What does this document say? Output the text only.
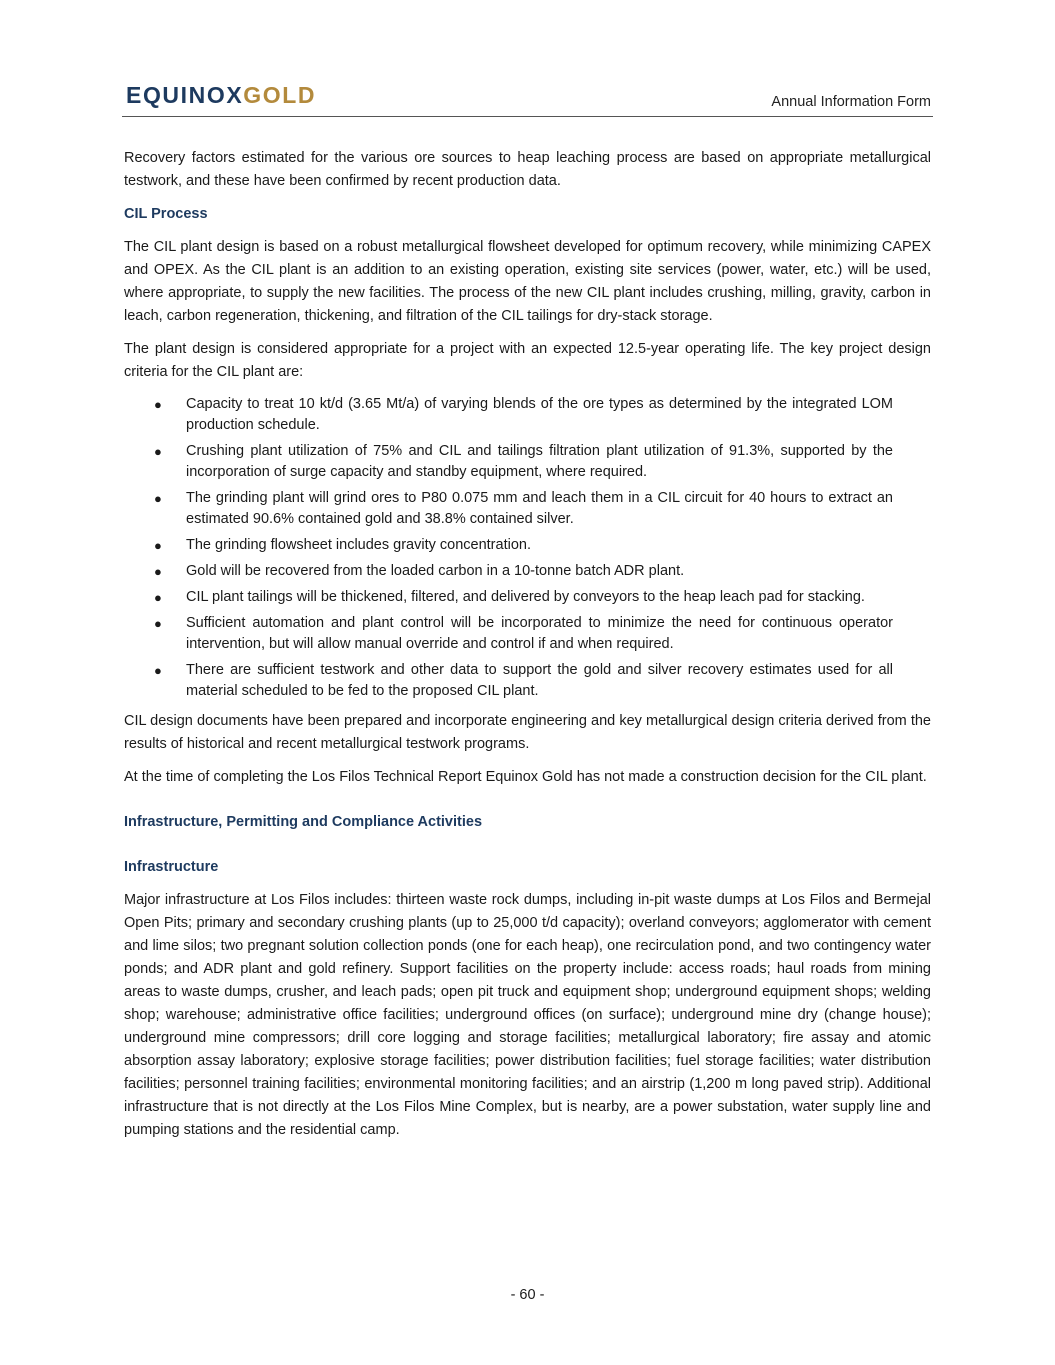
EQUINOXGOLD	Annual Information Form

Recovery factors estimated for the various ore sources to heap leaching process are based on appropriate metallurgical testwork, and these have been confirmed by recent production data.

CIL Process

The CIL plant design is based on a robust metallurgical flowsheet developed for optimum recovery, while minimizing CAPEX and OPEX. As the CIL plant is an addition to an existing operation, existing site services (power, water, etc.) will be used, where appropriate, to supply the new facilities. The process of the new CIL plant includes crushing, milling, gravity, carbon in leach, carbon regeneration, thickening, and filtration of the CIL tailings for dry-stack storage.

The plant design is considered appropriate for a project with an expected 12.5-year operating life. The key project design criteria for the CIL plant are:

● Capacity to treat 10 kt/d (3.65 Mt/a) of varying blends of the ore types as determined by the integrated LOM production schedule.
● Crushing plant utilization of 75% and CIL and tailings filtration plant utilization of 91.3%, supported by the incorporation of surge capacity and standby equipment, where required.
● The grinding plant will grind ores to P80 0.075 mm and leach them in a CIL circuit for 40 hours to extract an estimated 90.6% contained gold and 38.8% contained silver.
● The grinding flowsheet includes gravity concentration.
● Gold will be recovered from the loaded carbon in a 10-tonne batch ADR plant.
● CIL plant tailings will be thickened, filtered, and delivered by conveyors to the heap leach pad for stacking.
● Sufficient automation and plant control will be incorporated to minimize the need for continuous operator intervention, but will allow manual override and control if and when required.
● There are sufficient testwork and other data to support the gold and silver recovery estimates used for all material scheduled to be fed to the proposed CIL plant.

CIL design documents have been prepared and incorporate engineering and key metallurgical design criteria derived from the results of historical and recent metallurgical testwork programs.

At the time of completing the Los Filos Technical Report Equinox Gold has not made a construction decision for the CIL plant.

Infrastructure, Permitting and Compliance Activities
Infrastructure

Major infrastructure at Los Filos includes: thirteen waste rock dumps, including in-pit waste dumps at Los Filos and Bermejal Open Pits; primary and secondary crushing plants (up to 25,000 t/d capacity); overland conveyors; agglomerator with cement and lime silos; two pregnant solution collection ponds (one for each heap), one recirculation pond, and two contingency water ponds; and ADR plant and gold refinery. Support facilities on the property include: access roads; haul roads from mining areas to waste dumps, crusher, and leach pads; open pit truck and equipment shop; underground equipment shops; welding shop; warehouse; administrative office facilities; underground offices (on surface); underground mine dry (change house); underground mine compressors; drill core logging and storage facilities; metallurgical laboratory; fire assay and atomic absorption assay laboratory; explosive storage facilities; power distribution facilities; fuel storage facilities; water distribution facilities; personnel training facilities; environmental monitoring facilities; and an airstrip (1,200 m long paved strip). Additional infrastructure that is not directly at the Los Filos Mine Complex, but is nearby, are a power substation, water supply line and pumping stations and the residential camp.

- 60 -
